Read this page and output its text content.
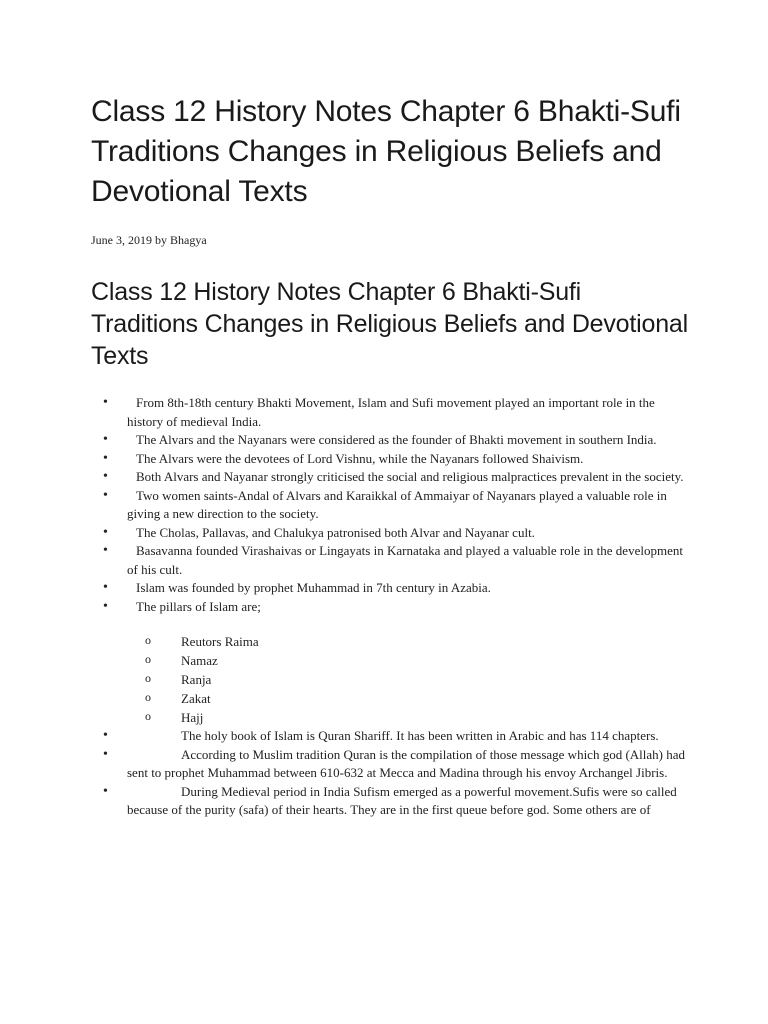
Class 12 History Notes Chapter 6 Bhakti-Sufi Traditions Changes in Religious Beliefs and Devotional Texts
June 3, 2019 by Bhagya
Class 12 History Notes Chapter 6 Bhakti-Sufi Traditions Changes in Religious Beliefs and Devotional Texts
• From 8th-18th century Bhakti Movement, Islam and Sufi movement played an important role in the history of medieval India.
• The Alvars and the Nayanars were considered as the founder of Bhakti movement in southern India.
• The Alvars were the devotees of Lord Vishnu, while the Nayanars followed Shaivism.
• Both Alvars and Nayanar strongly criticised the social and religious malpractices prevalent in the society.
• Two women saints-Andal of Alvars and Karaikkal of Ammaiyar of Nayanars played a valuable role in giving a new direction to the society.
• The Cholas, Pallavas, and Chalukya patronised both Alvar and Nayanar cult.
• Basavanna founded Virashaivas or Lingayats in Karnataka and played a valuable role in the development of his cult.
• Islam was founded by prophet Muhammad in 7th century in Azabia.
• The pillars of Islam are;
o Reutors Raima
o Namaz
o Ranja
o Zakat
o Hajj
• The holy book of Islam is Quran Shariff. It has been written in Arabic and has 114 chapters.
• According to Muslim tradition Quran is the compilation of those message which god (Allah) had sent to prophet Muhammad between 610-632 at Mecca and Madina through his envoy Archangel Jibris.
• During Medieval period in India Sufism emerged as a powerful movement.Sufis were so called because of the purity (safa) of their hearts. They are in the first queue before god. Some others are of
